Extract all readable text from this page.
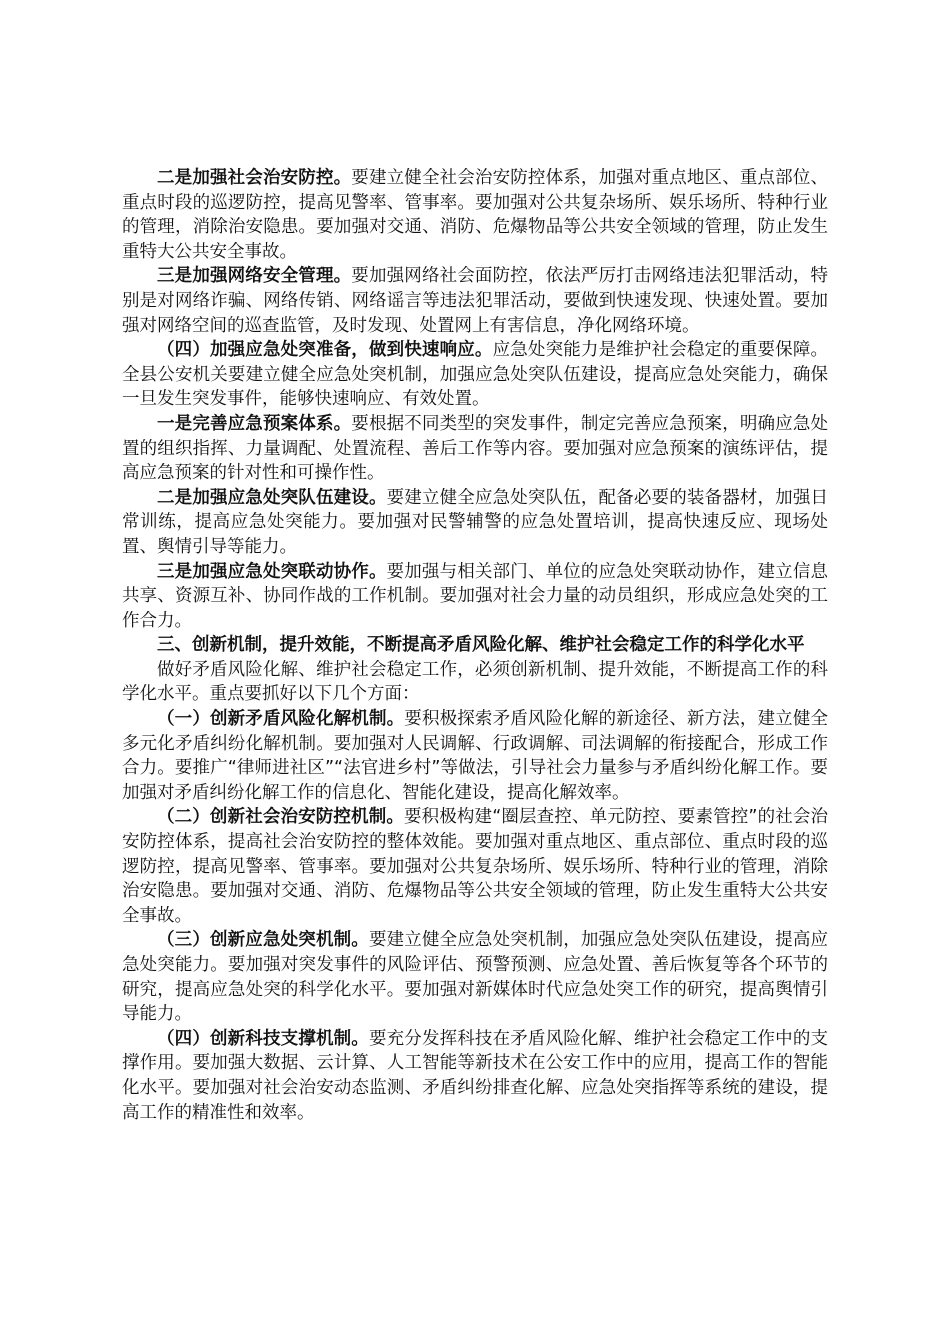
二是加强社会治安防控。要建立健全社会治安防控体系，加强对重点地区、重点部位、重点时段的巡逻防控，提高见警率、管事率。要加强对公共复杂场所、娱乐场所、特种行业的管理，消除治安隐患。要加强对交通、消防、危爆物品等公共安全领域的管理，防止发生重特大公共安全事故。

三是加强网络安全管理。要加强网络社会面防控，依法严厉打击网络违法犯罪活动，特别是对网络诈骗、网络传销、网络谣言等违法犯罪活动，要做到快速发现、快速处置。要加强对网络空间的巡查监管，及时发现、处置网上有害信息，净化网络环境。

（四）加强应急处突准备，做到快速响应。应急处突能力是维护社会稳定的重要保障。全县公安机关要建立健全应急处突机制，加强应急处突队伍建设，提高应急处突能力，确保一旦发生突发事件，能够快速响应、有效处置。

一是完善应急预案体系。要根据不同类型的突发事件，制定完善应急预案，明确应急处置的组织指挥、力量调配、处置流程、善后工作等内容。要加强对应急预案的演练评估，提高应急预案的针对性和可操作性。

二是加强应急处突队伍建设。要建立健全应急处突队伍，配备必要的装备器材，加强日常训练，提高应急处突能力。要加强对民警辅警的应急处置培训，提高快速反应、现场处置、舆情引导等能力。

三是加强应急处突联动协作。要加强与相关部门、单位的应急处突联动协作，建立信息共享、资源互补、协同作战的工作机制。要加强对社会力量的动员组织，形成应急处突的工作合力。

三、创新机制，提升效能，不断提高矛盾风险化解、维护社会稳定工作的科学化水平

做好矛盾风险化解、维护社会稳定工作，必须创新机制、提升效能，不断提高工作的科学化水平。重点要抓好以下几个方面：

（一）创新矛盾风险化解机制。要积极探索矛盾风险化解的新途径、新方法，建立健全多元化矛盾纠纷化解机制。要加强对人民调解、行政调解、司法调解的衔接配合，形成工作合力。要推广“律师进社区”“法官进乡村”等做法，引导社会力量参与矛盾纠纷化解工作。要加强对矛盾纠纷化解工作的信息化、智能化建设，提高化解效率。

（二）创新社会治安防控机制。要积极构建“圈层查控、单元防控、要素管控”的社会治安防控体系，提高社会治安防控的整体效能。要加强对重点地区、重点部位、重点时段的巡逻防控，提高见警率、管事率。要加强对公共复杂场所、娱乐场所、特种行业的管理，消除治安隐患。要加强对交通、消防、危爆物品等公共安全领域的管理，防止发生重特大公共安全事故。

（三）创新应急处突机制。要建立健全应急处突机制，加强应急处突队伍建设，提高应急处突能力。要加强对突发事件的风险评估、预警预测、应急处置、善后恢复等各个环节的研究，提高应急处突的科学化水平。要加强对新媒体时代应急处突工作的研究，提高舆情引导能力。

（四）创新科技支撑机制。要充分发挥科技在矛盾风险化解、维护社会稳定工作中的支撑作用。要加强大数据、云计算、人工智能等新技术在公安工作中的应用，提高工作的智能化水平。要加强对社会治安动态监测、矛盾纠纷排查化解、应急处突指挥等系统的建设，提高工作的精准性和效率。
